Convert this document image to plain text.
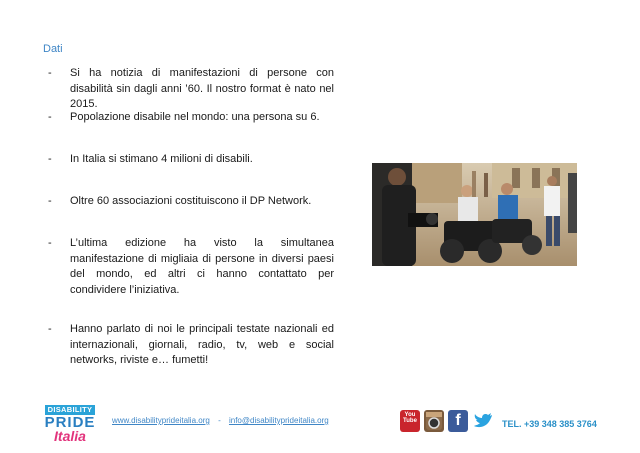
Dati
- Si ha notizia di manifestazioni di persone con disabilità sin dagli anni ’60. Il nostro format è nato nel 2015.
- Popolazione disabile nel mondo: una persona su 6.
- In Italia si stimano 4 milioni di disabili.
- Oltre 60 associazioni costituiscono il DP Network.
- L’ultima edizione ha visto la simultanea manifestazione di migliaia di persone in diversi paesi del mondo, ed altri ci hanno contattato per condividere l’iniziativa.
- Hanno parlato di noi le principali testate nazionali ed internazionali, giornali, radio, tv, web e social networks, riviste e… fumetti!
DISABILITY
PRIDE
Italia
www.disabilityprideitalia.org - info@disabilityprideitalia.org
You Tube	f	TEL. +39 348 385 3764
